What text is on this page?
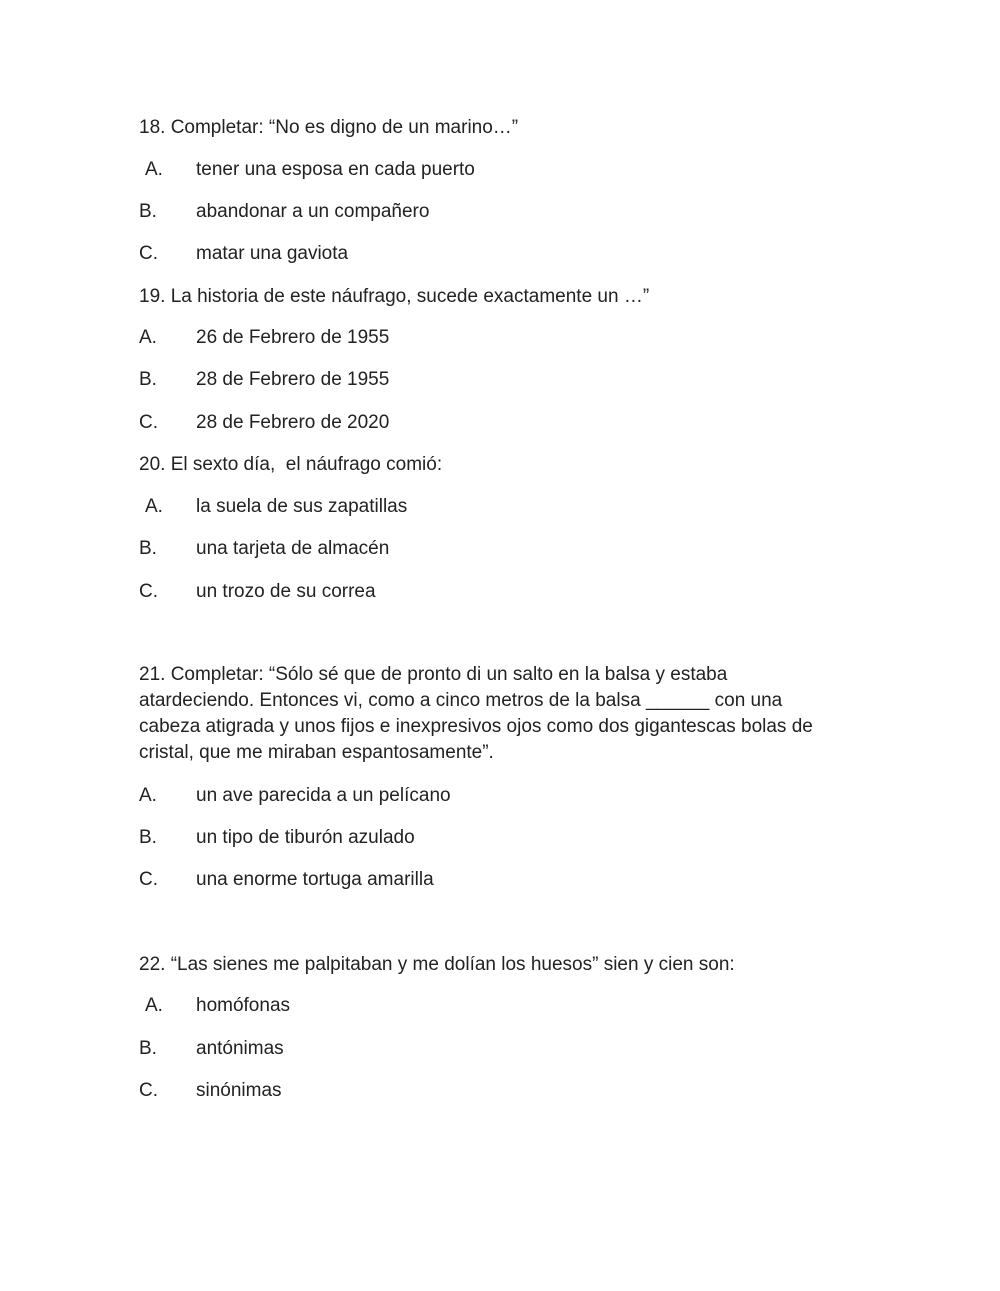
18. Completar: “No es digno de un marino…”

A.	tener una esposa en cada puerto
B.	abandonar a un compañero
C.	matar una gaviota

19. La historia de este náufrago, sucede exactamente un …”

A.	26 de Febrero de 1955
B.	28 de Febrero de 1955
C.	28 de Febrero de 2020

20. El sexto día,  el náufrago comió:

A.	la suela de sus zapatillas
B.	una tarjeta de almacén
C.	un trozo de su correa
21. Completar: “Sólo sé que de pronto di un salto en la balsa y estaba
atardeciendo. Entonces vi, como a cinco metros de la balsa ______ con una
cabeza atigrada y unos fijos e inexpresivos ojos como dos gigantescas bolas de
cristal, que me miraban espantosamente”.
A.	un ave parecida a un pelícano
B.	un tipo de tiburón azulado
C.	una enorme tortuga amarilla

22. “Las sienes me palpitaban y me dolían los huesos” sien y cien son:

A.	homófonas
B.	antónimas
C.	sinónimas
